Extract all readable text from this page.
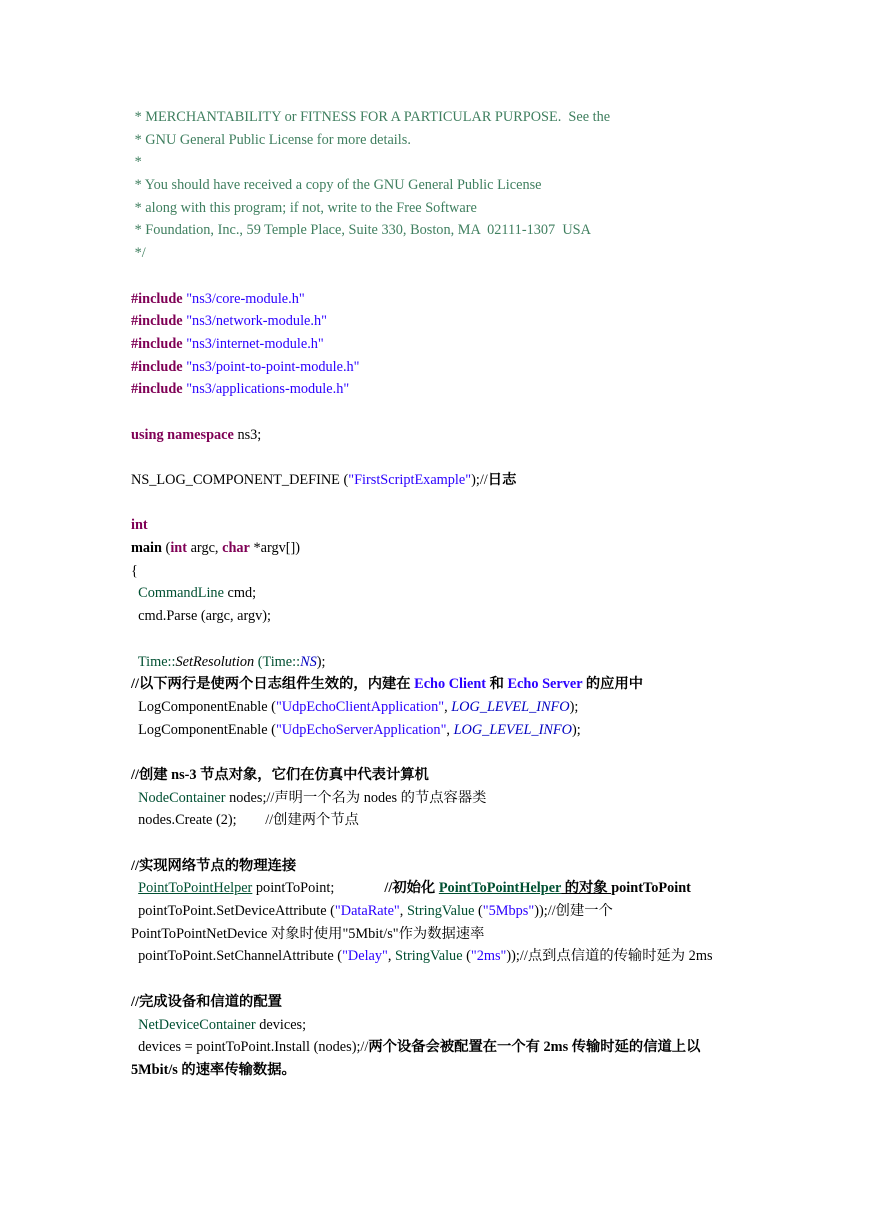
* MERCHANTABILITY or FITNESS FOR A PARTICULAR PURPOSE.  See the
* GNU General Public License for more details.
*
* You should have received a copy of the GNU General Public License
* along with this program; if not, write to the Free Software
* Foundation, Inc., 59 Temple Place, Suite 330, Boston, MA  02111-1307  USA
*/
#include "ns3/core-module.h"
#include "ns3/network-module.h"
#include "ns3/internet-module.h"
#include "ns3/point-to-point-module.h"
#include "ns3/applications-module.h"
using namespace ns3;
NS_LOG_COMPONENT_DEFINE ("FirstScriptExample");//日志
int
main (int argc, char *argv[])
{
CommandLine cmd;
cmd.Parse (argc, argv);
Time::SetResolution (Time::NS);
//以下两行是使两个日志组件生效的，内建在 Echo Client 和 Echo Server 的应用中
LogComponentEnable ("UdpEchoClientApplication", LOG_LEVEL_INFO);
LogComponentEnable ("UdpEchoServerApplication", LOG_LEVEL_INFO);
//创建 ns-3 节点对象，它们在仿真中代表计算机
NodeContainer nodes;//声明一个名为 nodes 的节点容器类
nodes.Create (2); //创建两个节点
//实现网络节点的物理连接
PointToPointHelper pointToPoint;	//初始化 PointToPointHelper 的对象 pointToPoint
pointToPoint.SetDeviceAttribute ("DataRate", StringValue ("5Mbps"));//创建一个
PointToPointNetDevice 对象时使用"5Mbit/s"作为数据速率
pointToPoint.SetChannelAttribute ("Delay", StringValue ("2ms"));//点到点信道的传输时延为 2ms
//完成设备和信道的配置
NetDeviceContainer devices;
devices = pointToPoint.Install (nodes);//两个设备会被配置在一个有 2ms 传输时延的信道上以
5Mbit/s 的速率传输数据。
